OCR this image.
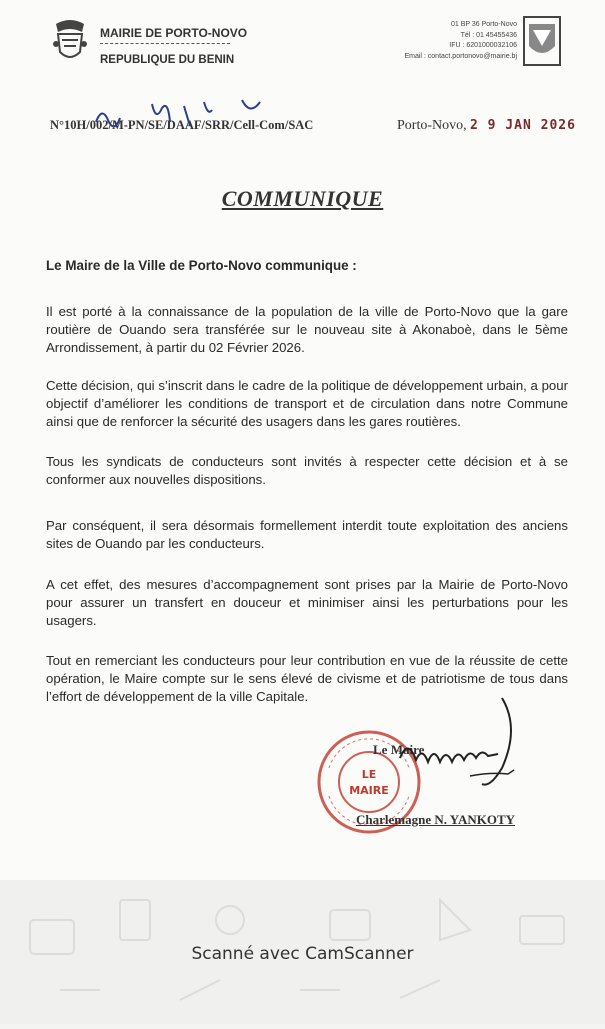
MAIRIE DE PORTO-NOVO
REPUBLIQUE DU BENIN
01 BP 36 Porto-Novo
Tél : 01 45455436
IFU : 6201000032106
Email : contact.portonovo@mairie.bj
N°10H/002/M-PN/SE/DAAF/SRR/Cell-Com/SAC	Porto-Novo, 2 9 JAN 2026
COMMUNIQUE
Le Maire de la Ville de Porto-Novo communique :
Il est porté à la connaissance de la population de la ville de Porto-Novo que la gare routière de Ouando sera transférée sur le nouveau site à Akonaboè, dans le 5ème Arrondissement, à partir du 02 Février 2026.
Cette décision, qui s’inscrit dans le cadre de la politique de développement urbain, a pour objectif d’améliorer les conditions de transport et de circulation dans notre Commune ainsi que de renforcer la sécurité des usagers dans les gares routières.
Tous les syndicats de conducteurs sont invités à respecter cette décision et à se conformer aux nouvelles dispositions.
Par conséquent, il sera désormais formellement interdit toute exploitation des anciens sites de Ouando par les conducteurs.
A cet effet, des mesures d’accompagnement sont prises par la Mairie de Porto-Novo pour assurer un transfert en douceur et minimiser ainsi les perturbations pour les usagers.
Tout en remerciant les conducteurs pour leur contribution en vue de la réussite de cette opération, le Maire compte sur le sens élevé de civisme et de patriotisme de tous dans l’effort de développement de la ville Capitale.
LE
MAIRE
Le Maire
Charlemagne N. YANKOTY
Scanné avec CamScanner
